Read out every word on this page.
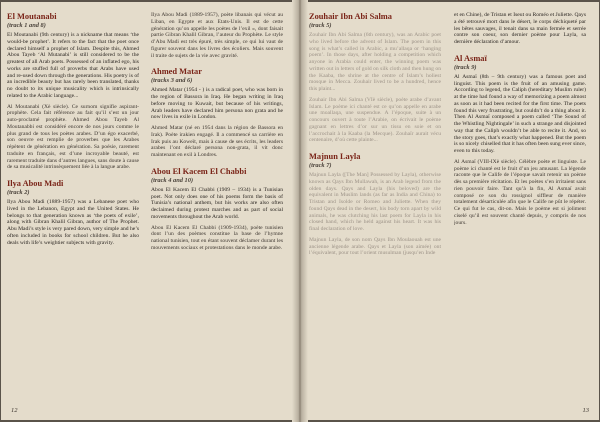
El Moutanabi
(track 1 and 8)

El Moutanabi (9th century) is a nickname that means ‘the would-be prophet’. It refers to the fact that the poet once declared himself a prophet of Islam. Despite this, Ahmed Abou Tayeb ‘Al Mutanabi’ is still considered to be the greatest of all Arab poets. Possessed of an inflated ego, his works are stuffed full of proverbs that Arabs have used and re-used down through the generations. His poetry is of an incredible beauty but has rarely been translated, thanks no doubt to its unique musicality which is intrinsically related to the Arabic language...

Al Moutanabi (Xè siècle). Ce surnom signifie aspirant-prophète. Cela fait référence au fait qu’il s’est un jour auto-proclamé prophète. Ahmed Abou Tayeb Al Moutanabbi est considéré encore de nos jours comme le plus grand de tous les poètes arabes. D’un égo exacerbé, son oeuvre est remplie de proverbes que les Arabes répètent de génération en génération. Sa poésie, rarement traduite en français, est d’une incroyable beauté, est rarement traduite dans d’autres langues, sans doute à cause de sa musicalité intrinsèquement liée à la langue arabe.

Ilya Abou Madi
(track 2)

Ilya Abou Madi (1889-1957) was a Lebanese poet who lived in the Lebanon, Egypt and the United States. He belongs to that generation known as ‘the poets of exile’, along with Gibran Khalil Gibran, author of The Prophet. Abu Madi’s style is very pared down, very simple and he’s often included in books for school children. But he also deals with life’s weightier subjects with gravity.

Ilya Abou Madi (1889-1957), poète libanais qui vécut au Liban, en Egypte et aux Etats-Unis. Il est de cette génération qu’on appelle les poètes de l’exil », dont faisait partie Gibran Khalil Gibran, l’auteur du Prophète. Le style d’Abu Madi est très épuré, très simple, ce qui lui vaut de figurer souvent dans les livres des écoliers. Mais souvent il traite de sujets de la vie avec gravité.

Ahmed Matar
(tracks 3 and 6)

Ahmed Matar (1954 - ) is a radical poet, who was born in the region of Bassora in Iraq. He began writing in Iraq before moving to Kuwait, but because of his writings, Arab leaders have declared him persona non grata and he now lives in exile in London.

Ahmed Matar (né en 1954 dans la région de Bassora en Irak). Poète irakien engagé. Il a commencé sa carrière en Irak puis au Koweït, mais à cause de ses écrits, les leaders arabes l’ont déclaré persona non-grata, il vit donc maintenant en exil à Londres.

Abou El Kacem El Chabbi
(track 4 and 10)

Abou El Kacem El Chabbi (1909 – 1934) is a Tunisian poet. Not only does one of his poems form the basis of Tunisia’s national anthem, but his works are also often declaimed during protest marches and as part of social movements throughout the Arab world.

Abou El Kacem El Chabbi (1909-1934), poète tunisien dont l’un des poèmes constitue la base de l’hymne national tunisien, tout en étant souvent déclamer durant les mouvements sociaux et protestations dans le monde arabe.

12
Zouhair Ibn Abi Salma
(track 5)

Zouhair Ibn Abi Salma (6th century), was an Arabic poet who lived before the advent of Islam. The poem in this song is what’s called in Arabic, a mu’allaqa or ‘hanging poem’. In those days, after holding a competition which anyone in Arabia could enter, the winning poem was written out in letters of gold on silk cloth and then hung on the Kaaba, the shrine at the centre of Islam’s holiest mosque in Mecca. Zouhair lived to be a hundred, hence this plaint...

Zouhair Ibn Abi Salma (VIè siècle), poète arabe d’avant Islam. Le poème ici chanté est ce qu’on appelle en arabe une moallaqa, une suspendue. A l’époque, suite à un concours ouvert à toute l’Arabie, on écrivait le poème gagnant en lettres d’or sur un tissu en soie et on l’accrochait à la Kaaba (la Mecque). Zouhaïr aurait vécu centenaire, d’où cette plainte...

Majnun Layla
(track 7)

Majnun Layla ([The Man] Possessed by Layla), otherwise known as Qays Ibn Mullawah, is an Arab legend from the olden days. Qays and Layla (his beloved) are the equivalent in Muslim lands (as far as India and China) to Tristan and Isolde or Romeo and Juliette. When they found Qays dead in the desert, his body torn apart by wild animals, he was clutching his last poem for Layla in his closed hand, which he held against his heart. It was his final declaration of love.

Majnun Layla, de son nom Qays Ibn Moulaouah est une ancienne légende arabe. Qays et Layla (son aimée) ont l’équivalent, pour tout l’orient musulman (jusqu’en Inde

et en Chine), de Tristan et Iseut ou Roméo et Juliette. Qays a été retrouvé mort dans le désert, le corps déchiqueté par les bêtes sauvages, il tenait dans sa main fermée et serrée contre son coeur, son dernier poème pour Layla, sa dernière déclaration d’amour.

Al Asmaï
(track 9)

Al Asmaï (8th – 9th century) was a famous poet and linguist. This poem is the fruit of an amusing game. According to legend, the Caliph (hereditary Muslim ruler) at the time had found a way of memorizing a poem almost as soon as it had been recited for the first time. The poets found this very frustrating, but couldn’t do a thing about it. Then Al Asmaï composed a poem called ‘The Sound of the Whistling Nightingale’ in such a strange and disjointed way that the Caliph wouldn’t be able to recite it. And, so the story goes, that’s exactly what happened. But the poem is so nicely chiselled that it has often been sung ever since, even to this today.

Al Asmaï (VIII-IXè siècle). Célèbre poète et linguiste. Le poème ici chanté est le fruit d’un jeu amusant. La légende raconte que le Calife de l’époque savait retenir un poème dès sa première récitation. Et les poètes s’en irritaient sans rien pouvoir faire. Tant qu’à la fin, Al Asmaï avait composé ce son du rossignol siffleur de manière totalement désarticulée afin que le Calife ne pût le répéter. Ce qui fut le cas, dit-on. Mais le poème est si joliment ciselé qu’il est souvent chanté depuis, y compris de nos jours.

13
